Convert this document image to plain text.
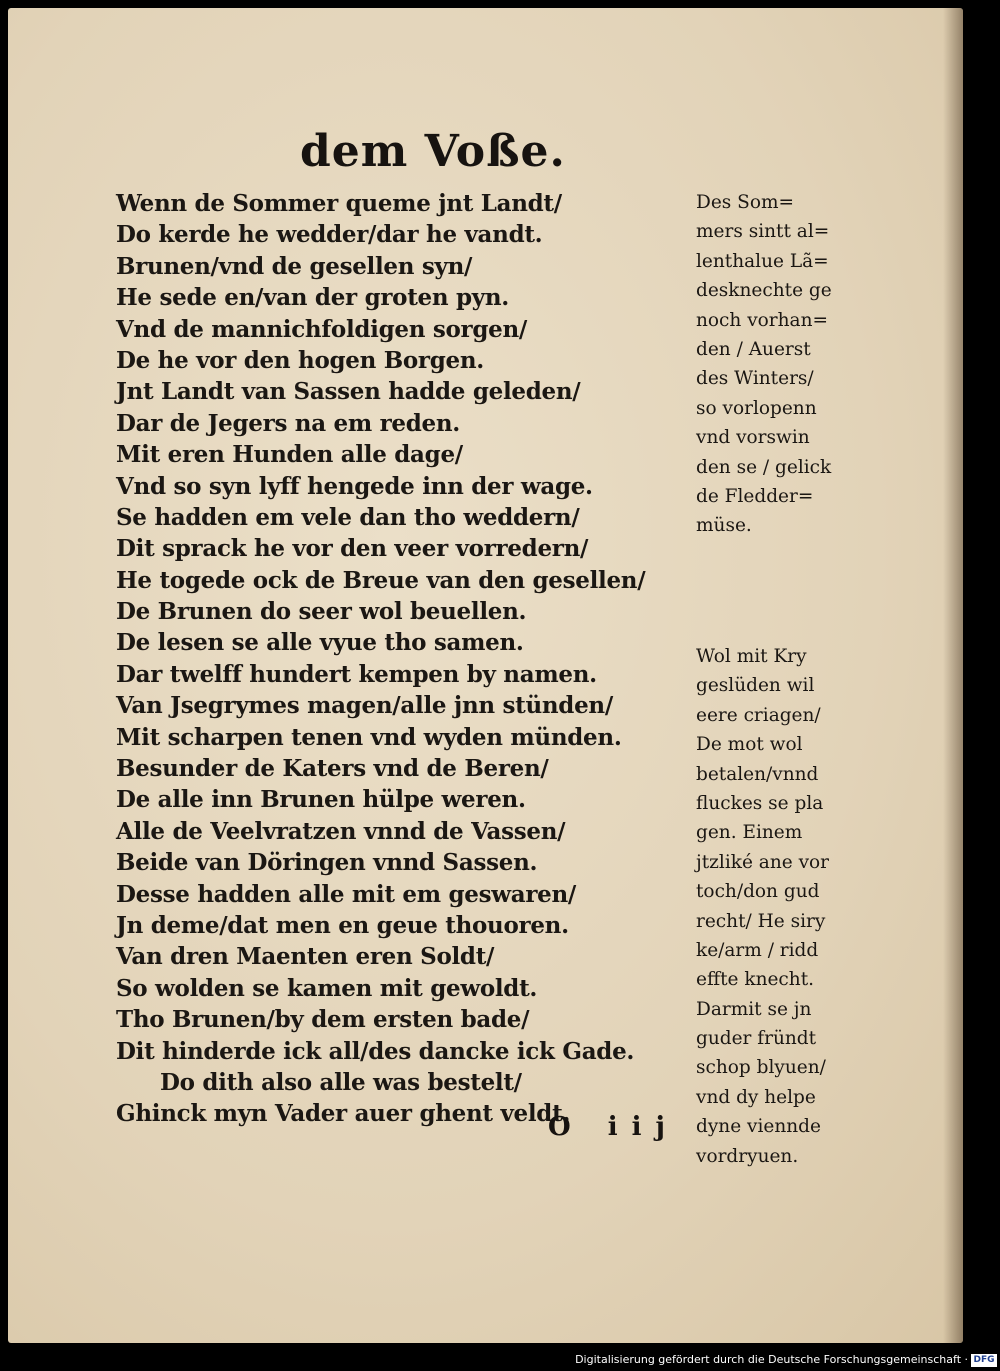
dem Voße.
Wenn de Sommer queme jnt Landt/
Do kerde he wedder/dar he vandt.
Brunen/vnd de gesellen syn/
He sede en/van der groten pyn.
Vnd de mannichfoldigen sorgen/
De he vor den hogen Borgen.
Jnt Landt van Sassen hadde geleden/
Dar de Jegers na em reden.
Mit eren Hunden alle dage/
Vnd so syn lyff hengede inn der wage.
Se hadden em vele dan tho weddern/
Dit sprack he vor den veer vorredern/
He togede ock de Breue van den gesellen/
De Brunen do seer wol beuellen.
De lesen se alle vyue tho samen.
Dar twelff hundert kempen by namen.
Van Jsegrymes magen/alle jnn stünden/
Mit scharpen tenen vnd wyden münden.
Besunder de Katers vnd de Beren/
De alle inn Brunen hülpe weren.
Alle de Veelvratzen vnnd de Vassen/
Beide van Döringen vnnd Sassen.
Desse hadden alle mit em geswaren/
Jn deme/dat men en geue thouoren.
Van dren Maenten eren Soldt/
So wolden se kamen mit gewoldt.
Tho Brunen/by dem ersten bade/
Dit hinderde ick all/des dancke ick Gade.
Do dith also alle was bestelt/
Ghinck myn Vader auer ghent veldt.
Des Som=
mers sintt al=
lenthalue Lã=
desknechte ge
noch vorhan=
den / Auerst
des Winters/
so vorlopenn
vnd vorswin
den se / gelick
de Fledder=
müse.
Wol mit Kry
geslüden wil
eere criagen/
De mot wol
betalen/vnnd
fluckes se pla
gen. Einem
jtzliké ane vor
toch/don gud
recht/ He siry
ke/arm / ridd
effte knecht.
Darmit se jn
guder fründt
schop blyuen/
vnd dy helpe
dyne viennde
vordryuen.
O iij
Digitalisierung gefördert durch die Deutsche Forschungsgemeinschaft · DFG
